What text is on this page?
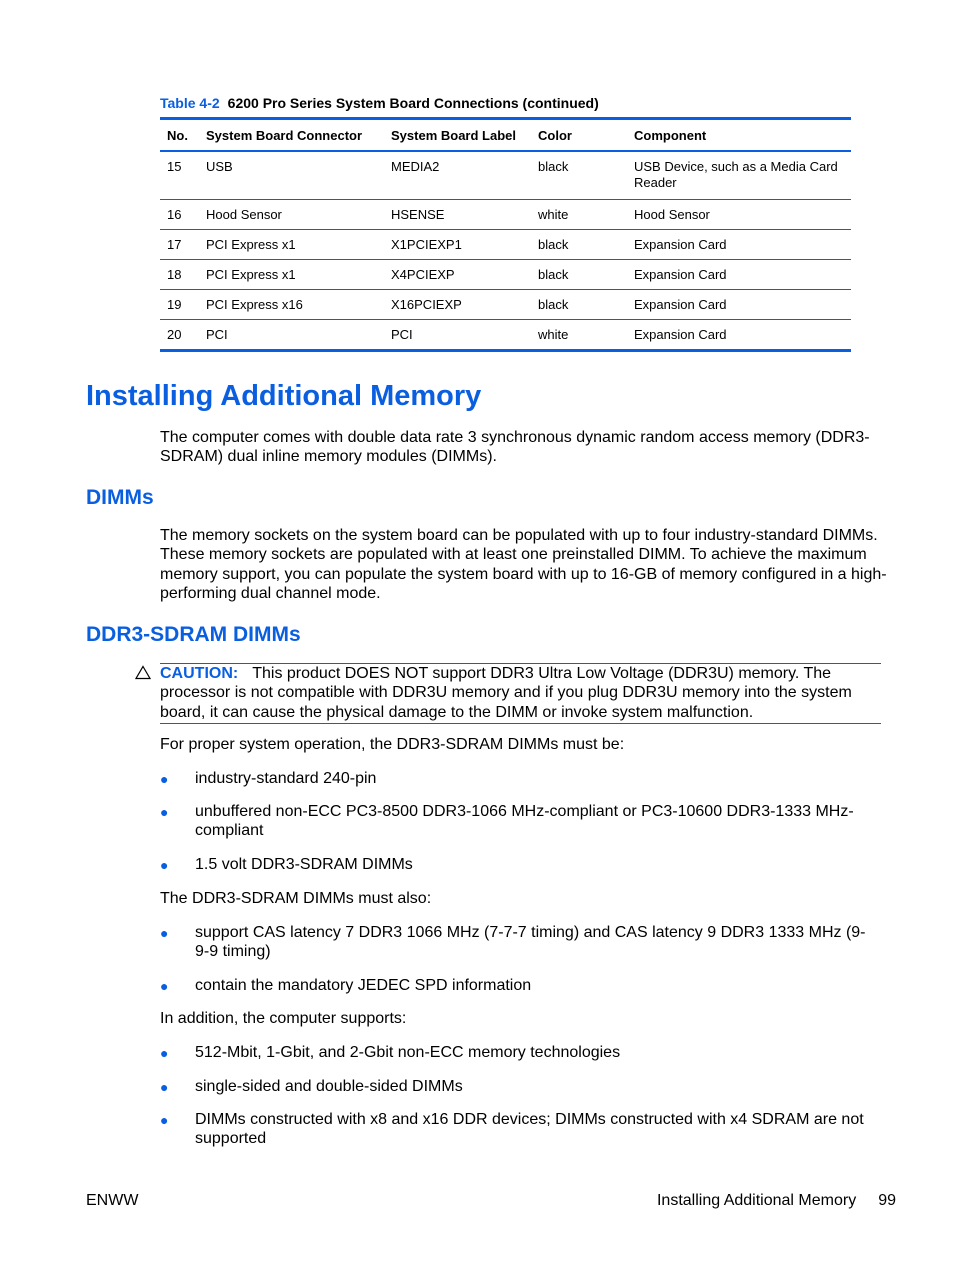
Table 4-2 6200 Pro Series System Board Connections (continued)
No.	System Board Connector	System Board Label	Color	Component
15	USB	MEDIA2	black	USB Device, such as a Media Card Reader
16	Hood Sensor	HSENSE	white	Hood Sensor
17	PCI Express x1	X1PCIEXP1	black	Expansion Card
18	PCI Express x1	X4PCIEXP	black	Expansion Card
19	PCI Express x16	X16PCIEXP	black	Expansion Card
20	PCI	PCI	white	Expansion Card
Installing Additional Memory
The computer comes with double data rate 3 synchronous dynamic random access memory (DDR3-SDRAM) dual inline memory modules (DIMMs).
DIMMs
The memory sockets on the system board can be populated with up to four industry-standard DIMMs. These memory sockets are populated with at least one preinstalled DIMM. To achieve the maximum memory support, you can populate the system board with up to 16-GB of memory configured in a high-performing dual channel mode.
DDR3-SDRAM DIMMs
CAUTION: This product DOES NOT support DDR3 Ultra Low Voltage (DDR3U) memory. The processor is not compatible with DDR3U memory and if you plug DDR3U memory into the system board, it can cause the physical damage to the DIMM or invoke system malfunction.
For proper system operation, the DDR3-SDRAM DIMMs must be:
● industry-standard 240-pin
● unbuffered non-ECC PC3-8500 DDR3-1066 MHz-compliant or PC3-10600 DDR3-1333 MHz-compliant
● 1.5 volt DDR3-SDRAM DIMMs
The DDR3-SDRAM DIMMs must also:
● support CAS latency 7 DDR3 1066 MHz (7-7-7 timing) and CAS latency 9 DDR3 1333 MHz (9-9-9 timing)
● contain the mandatory JEDEC SPD information
In addition, the computer supports:
● 512-Mbit, 1-Gbit, and 2-Gbit non-ECC memory technologies
● single-sided and double-sided DIMMs
● DIMMs constructed with x8 and x16 DDR devices; DIMMs constructed with x4 SDRAM are not supported
ENWW	Installing Additional Memory 99
